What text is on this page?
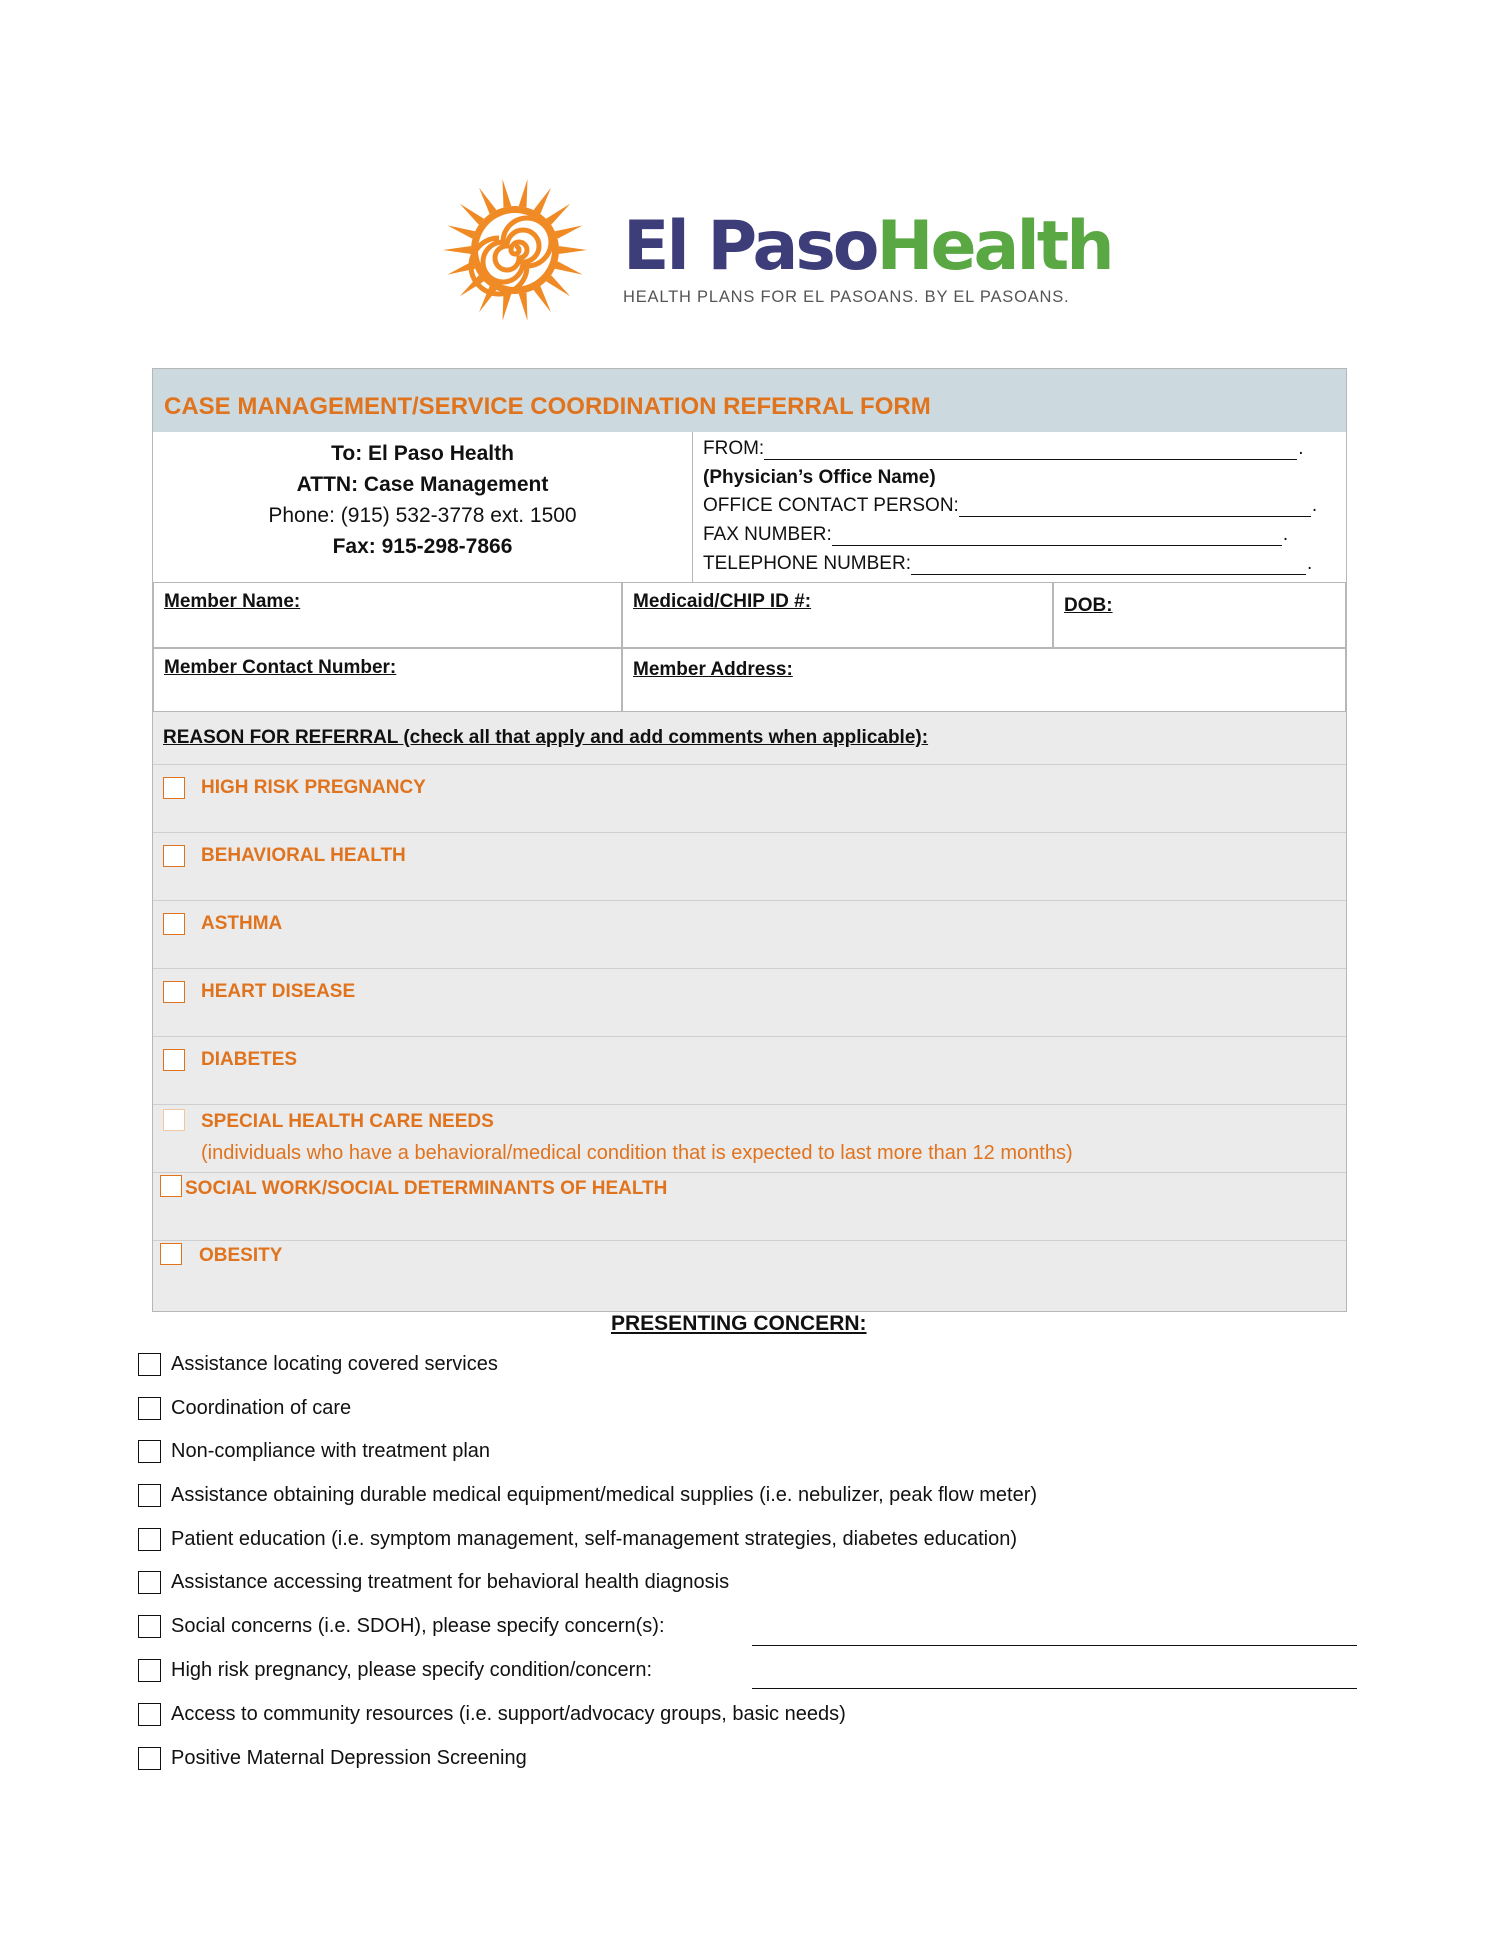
El PasoHealth
HEALTH PLANS FOR EL PASOANS. BY EL PASOANS.
CASE MANAGEMENT/SERVICE COORDINATION REFERRAL FORM
To: El Paso Health
ATTN: Case Management
Phone: (915) 532-3778 ext. 1500
Fax: 915-298-7866
FROM:	.
(Physician’s Office Name)
OFFICE CONTACT PERSON:	.
FAX NUMBER:	.
TELEPHONE NUMBER:	.
Member Name:	Medicaid/CHIP ID #:	DOB:
Member Contact Number:	Member Address:
REASON FOR REFERRAL (check all that apply and add comments when applicable):
HIGH RISK PREGNANCY
BEHAVIORAL HEALTH
ASTHMA
HEART DISEASE
DIABETES
SPECIAL HEALTH CARE NEEDS
(individuals who have a behavioral/medical condition that is expected to last more than 12 months)
SOCIAL WORK/SOCIAL DETERMINANTS OF HEALTH
OBESITY
PRESENTING CONCERN:
Assistance locating covered services
Coordination of care
Non-compliance with treatment plan
Assistance obtaining durable medical equipment/medical supplies (i.e. nebulizer, peak flow meter)
Patient education (i.e. symptom management, self-management strategies, diabetes education)
Assistance accessing treatment for behavioral health diagnosis
Social concerns (i.e. SDOH), please specify concern(s):
High risk pregnancy, please specify condition/concern:
Access to community resources (i.e. support/advocacy groups, basic needs)
Positive Maternal Depression Screening
